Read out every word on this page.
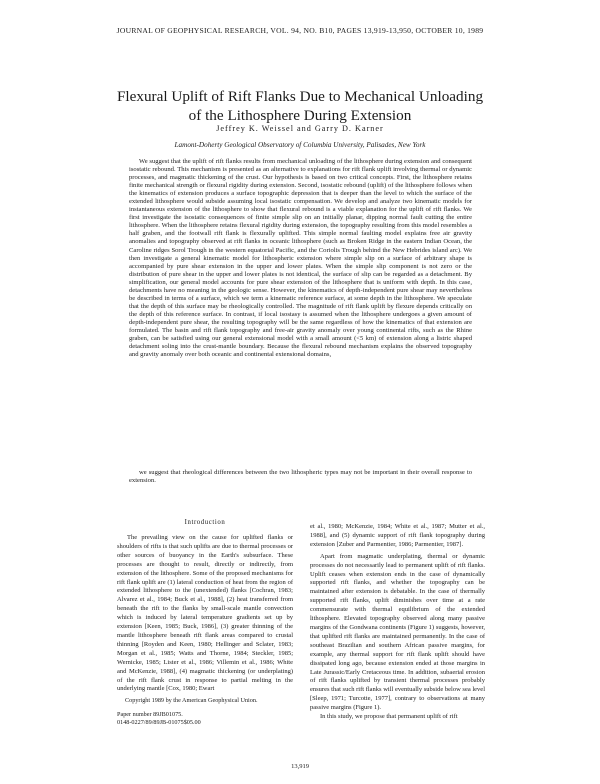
JOURNAL OF GEOPHYSICAL RESEARCH, VOL. 94, NO. B10, PAGES 13,919-13,950, OCTOBER 10, 1989
Flexural Uplift of Rift Flanks Due to Mechanical Unloading
of the Lithosphere During Extension
Jeffrey K. Weissel and Garry D. Karner
Lamont-Doherty Geological Observatory of Columbia University, Palisades, New York

We suggest that the uplift of rift flanks results from mechanical unloading of the lithosphere during extension and consequent isostatic rebound. This mechanism is presented as an alternative to explanations for rift flank uplift involving thermal or dynamic processes, and magmatic thickening of the crust. Our hypothesis is based on two critical concepts. First, the lithosphere retains finite mechanical strength or flexural rigidity during extension. Second, isostatic rebound (uplift) of the lithosphere follows when the kinematics of extension produces a surface topographic depression that is deeper than the level to which the surface of the extended lithosphere would subside assuming local isostatic compensation. We develop and analyze two kinematic models for instantaneous extension of the lithosphere to show that flexural rebound is a viable explanation for the uplift of rift flanks. We first investigate the isostatic consequences of finite simple slip on an initially planar, dipping normal fault cutting the entire lithosphere. When the lithosphere retains flexural rigidity during extension, the topography resulting from this model resembles a half graben, and the footwall rift flank is flexurally uplifted. This simple normal faulting model explains free air gravity anomalies and topography observed at rift flanks in oceanic lithosphere (such as Broken Ridge in the eastern Indian Ocean, the Caroline ridges Sorol Trough in the western equatorial Pacific, and the Coriolis Trough behind the New Hebrides island arc). We then investigate a general kinematic model for lithospheric extension where simple slip on a surface of arbitrary shape is accompanied by pure shear extension in the upper and lower plates. When the simple slip component is not zero or the distribution of pure shear in the upper and lower plates is not identical, the surface of slip can be regarded as a detachment. By simplification, our general model accounts for pure shear extension of the lithosphere that is uniform with depth. In this case, detachments have no meaning in the geologic sense. However, the kinematics of depth-independent pure shear may nevertheless be described in terms of a surface, which we term a kinematic reference surface, at some depth in the lithosphere. We speculate that the depth of this surface may be rheologically controlled. The magnitude of rift flank uplift by flexure depends critically on the depth of this reference surface. In contrast, if local isostasy is assumed when the lithosphere undergoes a given amount of depth-independent pure shear, the resulting topography will be the same regardless of how the kinematics of that extension are formulated. The basin and rift flank topography and free-air gravity anomaly over young continental rifts, such as the Rhine graben, can be satisfied using our general extensional model with a small amount (<5 km) of extension along a listric shaped detachment soling into the crust-mantle boundary. Because the flexural rebound mechanism explains the observed topography and gravity anomaly over both oceanic and continental extensional domains,

we suggest that rheological differences between the two lithospheric types may not be important in their overall response to extension.

Introduction

The prevailing view on the cause for uplifted flanks or shoulders of rifts is that such uplifts are due to thermal processes or other sources of buoyancy in the Earth's subsurface. These processes are thought to result, directly or indirectly, from extension of the lithosphere. Some of the proposed mechanisms for rift flank uplift are (1) lateral conduction of heat from the region of extended lithosphere to the (unextended) flanks [Cochran, 1983; Alvarez et al., 1984; Buck et al., 1988], (2) heat transferred from beneath the rift to the flanks by small-scale mantle convection which is induced by lateral temperature gradients set up by extension [Keen, 1985; Buck, 1986], (3) greater thinning of the mantle lithosphere beneath rift flank areas compared to crustal thinning [Royden and Keen, 1980; Hellinger and Sclater, 1983; Morgan et al., 1985; Watts and Thorne, 1984; Steckler, 1985; Wernicke, 1985; Lister et al., 1986; Villemin et al., 1986; White and McKenzie, 1988], (4) magmatic thickening (or underplating) of the rift flank crust in response to partial melting in the underlying mantle [Cox, 1980; Ewart

et al., 1980; McKenzie, 1984; White et al., 1987; Mutter et al., 1988], and (5) dynamic support of rift flank topography during extension [Zuber and Parmentier, 1986; Parmentier, 1987].

Apart from magmatic underplating, thermal or dynamic processes do not necessarily lead to permanent uplift of rift flanks. Uplift ceases when extension ends in the case of dynamically supported rift flanks, and whether the topography can be maintained after extension is debatable. In the case of thermally supported rift flanks, uplift diminishes over time at a rate commensurate with thermal equilibrium of the extended lithosphere. Elevated topography observed along many passive margins of the Gondwana continents (Figure 1) suggests, however, that uplifted rift flanks are maintained permanently. In the case of southeast Brazilian and southern African passive margins, for example, any thermal support for rift flank uplift should have dissipated long ago, because extension ended at those margins in Late Jurassic/Early Cretaceous time. In addition, subaerial erosion of rift flanks uplifted by transient thermal processes probably ensures that such rift flanks will eventually subside below sea level [Sleep, 1971; Turcotte, 1977], contrary to observations at many passive margins (Figure 1).

In this study, we propose that permanent uplift of rift

Copyright 1989 by the American Geophysical Union.

Paper number 89JB01075.

0148-0227/89/89JB-01075$05.00

13,919
